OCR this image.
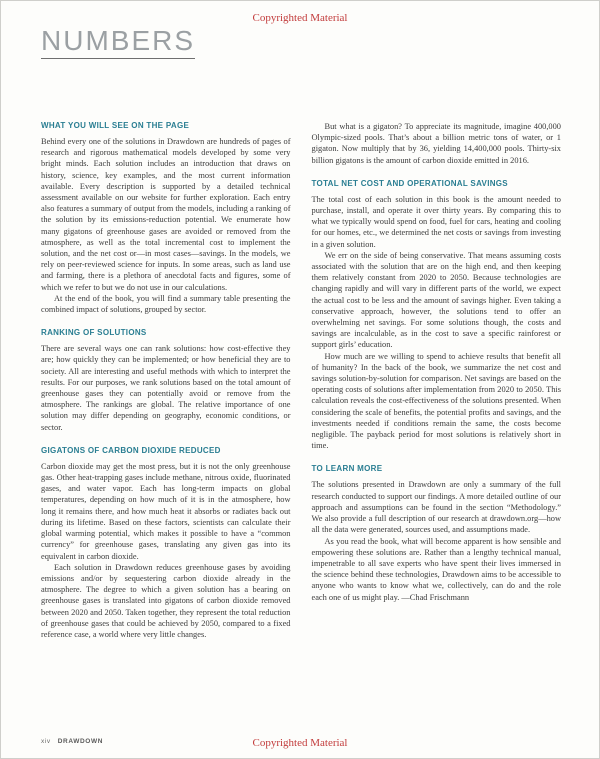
Copyrighted Material
NUMBERS
WHAT YOU WILL SEE ON THE PAGE

Behind every one of the solutions in Drawdown are hundreds of pages of research and rigorous mathematical models developed by some very bright minds. Each solution includes an introduction that draws on history, science, key examples, and the most current information available. Every description is supported by a detailed technical assessment available on our website for further exploration. Each entry also features a summary of output from the models, including a ranking of the solution by its emissions-reduction potential. We enumerate how many gigatons of greenhouse gases are avoided or removed from the atmosphere, as well as the total incremental cost to implement the solution, and the net cost or—in most cases—savings. In the models, we rely on peer-reviewed science for inputs. In some areas, such as land use and farming, there is a plethora of anecdotal facts and figures, some of which we refer to but we do not use in our calculations.

At the end of the book, you will find a summary table presenting the combined impact of solutions, grouped by sector.

RANKING OF SOLUTIONS

There are several ways one can rank solutions: how cost-effective they are; how quickly they can be implemented; or how beneficial they are to society. All are interesting and useful methods with which to interpret the results. For our purposes, we rank solutions based on the total amount of greenhouse gases they can potentially avoid or remove from the atmosphere. The rankings are global. The relative importance of one solution may differ depending on geography, economic conditions, or sector.

GIGATONS OF CARBON DIOXIDE REDUCED

Carbon dioxide may get the most press, but it is not the only greenhouse gas. Other heat-trapping gases include methane, nitrous oxide, fluorinated gases, and water vapor. Each has long-term impacts on global temperatures, depending on how much of it is in the atmosphere, how long it remains there, and how much heat it absorbs or radiates back out during its lifetime. Based on these factors, scientists can calculate their global warming potential, which makes it possible to have a “common currency” for greenhouse gases, translating any given gas into its equivalent in carbon dioxide.

Each solution in Drawdown reduces greenhouse gases by avoiding emissions and/or by sequestering carbon dioxide already in the atmosphere. The degree to which a given solution has a bearing on greenhouse gases is translated into gigatons of carbon dioxide removed between 2020 and 2050. Taken together, they represent the total reduction of greenhouse gases that could be achieved by 2050, compared to a fixed reference case, a world where very little changes.

But what is a gigaton? To appreciate its magnitude, imagine 400,000 Olympic-sized pools. That’s about a billion metric tons of water, or 1 gigaton. Now multiply that by 36, yielding 14,400,000 pools. Thirty-six billion gigatons is the amount of carbon dioxide emitted in 2016.

TOTAL NET COST AND OPERATIONAL SAVINGS

The total cost of each solution in this book is the amount needed to purchase, install, and operate it over thirty years. By comparing this to what we typically would spend on food, fuel for cars, heating and cooling for our homes, etc., we determined the net costs or savings from investing in a given solution.

We err on the side of being conservative. That means assuming costs associated with the solution that are on the high end, and then keeping them relatively constant from 2020 to 2050. Because technologies are changing rapidly and will vary in different parts of the world, we expect the actual cost to be less and the amount of savings higher. Even taking a conservative approach, however, the solutions tend to offer an overwhelming net savings. For some solutions though, the costs and savings are incalculable, as in the cost to save a specific rainforest or support girls’ education.

How much are we willing to spend to achieve results that benefit all of humanity? In the back of the book, we summarize the net cost and savings solution-by-solution for comparison. Net savings are based on the operating costs of solutions after implementation from 2020 to 2050. This calculation reveals the cost-effectiveness of the solutions presented. When considering the scale of benefits, the potential profits and savings, and the investments needed if conditions remain the same, the costs become negligible. The payback period for most solutions is relatively short in time.

TO LEARN MORE

The solutions presented in Drawdown are only a summary of the full research conducted to support our findings. A more detailed outline of our approach and assumptions can be found in the section “Methodology.” We also provide a full description of our research at drawdown.org—how all the data were generated, sources used, and assumptions made.

As you read the book, what will become apparent is how sensible and empowering these solutions are. Rather than a lengthy technical manual, impenetrable to all save experts who have spent their lives immersed in the science behind these technologies, Drawdown aims to be accessible to anyone who wants to know what we, collectively, can do and the role each one of us might play. —Chad Frischmann

xiv DRAWDOWN	Copyrighted Material
